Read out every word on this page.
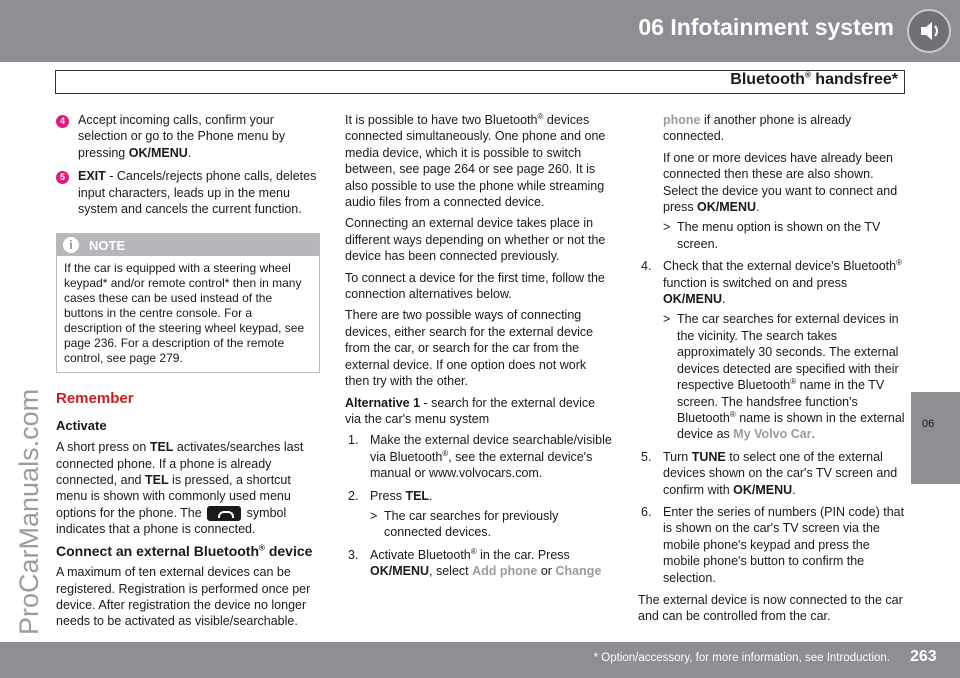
06 Infotainment system
Bluetooth® handsfree*
06
ProCarManuals.com
4	Accept incoming calls, confirm your selection or go to the Phone menu by pressing OK/MENU.
5	EXIT - Cancels/rejects phone calls, deletes input characters, leads up in the menu system and cancels the current function.
i	NOTE
If the car is equipped with a steering wheel keypad* and/or remote control* then in many cases these can be used instead of the buttons in the centre console. For a description of the steering wheel keypad, see page 236. For a description of the remote control, see page 279.
Remember

Activate

A short press on TEL activates/searches last connected phone. If a phone is already connected, and TEL is pressed, a shortcut menu is shown with commonly used menu options for the phone. The	symbol indicates that a phone is connected.

Connect an external Bluetooth® device

A maximum of ten external devices can be registered. Registration is performed once per device. After registration the device no longer needs to be activated as visible/searchable.

It is possible to have two Bluetooth® devices connected simultaneously. One phone and one media device, which it is possible to switch between, see page 264 or see page 260. It is also possible to use the phone while streaming audio files from a connected device.

Connecting an external device takes place in different ways depending on whether or not the device has been connected previously.

To connect a device for the first time, follow the connection alternatives below.

There are two possible ways of connecting devices, either search for the external device from the car, or search for the car from the external device. If one option does not work then try with the other.

Alternative 1 - search for the external device via the car's menu system

1. Make the external device searchable/visible via Bluetooth®, see the external device's manual or www.volvocars.com.
2. Press TEL.
> The car searches for previously connected devices.
3. Activate Bluetooth® in the car. Press OK/MENU, select Add phone or Change

phone if another phone is already connected.

If one or more devices have already been connected then these are also shown. Select the device you want to connect and press OK/MENU.

> The menu option is shown on the TV screen.
4. Check that the external device's Bluetooth® function is switched on and press OK/MENU.
> The car searches for external devices in the vicinity. The search takes approximately 30 seconds. The external devices detected are specified with their respective Bluetooth® name in the TV screen. The handsfree function's Bluetooth® name is shown in the external device as My Volvo Car.
5. Turn TUNE to select one of the external devices shown on the car's TV screen and confirm with OK/MENU.
6. Enter the series of numbers (PIN code) that is shown on the car's TV screen via the mobile phone's keypad and press the mobile phone's button to confirm the selection.

The external device is now connected to the car and can be controlled from the car.

* Option/accessory, for more information, see Introduction. 263
